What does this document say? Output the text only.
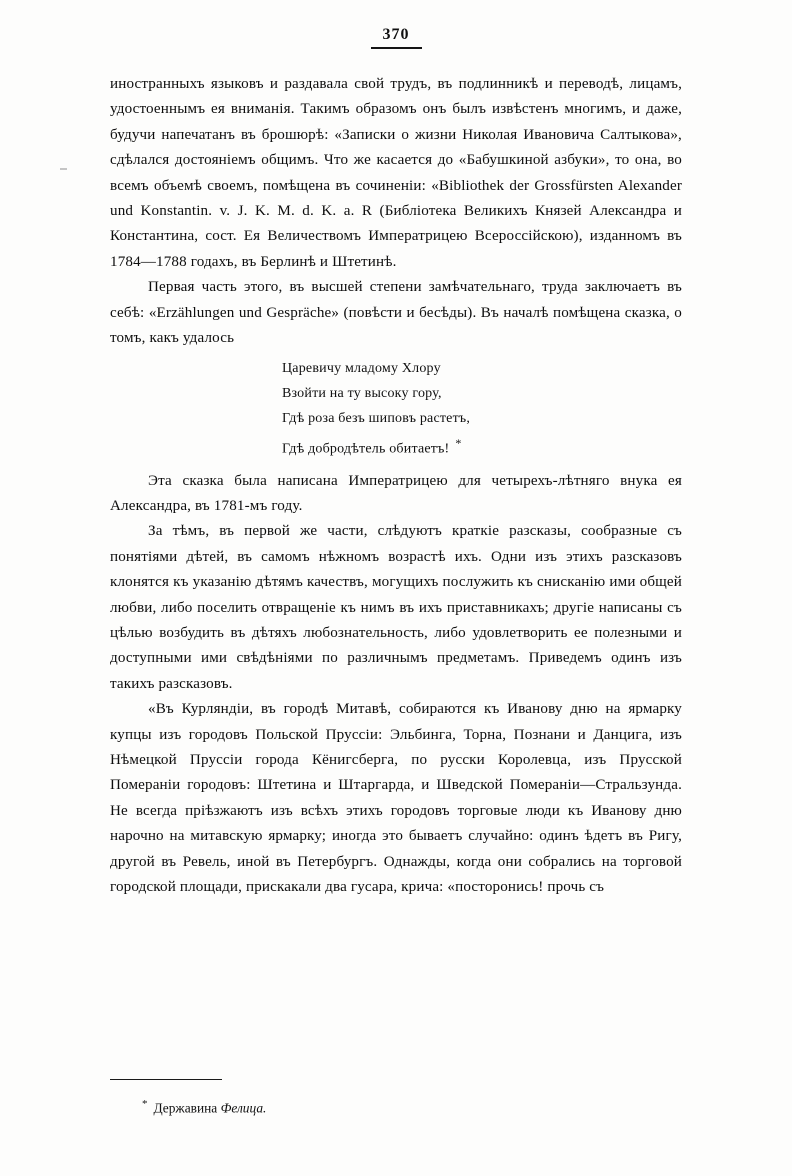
370

иностранныхъ языковъ и раздавала свой трудъ, въ подлинникѣ и переводѣ, лицамъ, удостоеннымъ ея вниманія. Такимъ образомъ онъ былъ извѣстенъ многимъ, и даже, будучи напечатанъ въ брошюрѣ: «Записки о жизни Николая Ивановича Салтыкова», сдѣлался достояніемъ общимъ. Что же касается до «Бабушкиной азбуки», то она, во всемъ объемѣ своемъ, помѣщена въ сочиненіи: «Bibliothek der Grossfürsten Alexander und Konstantin. v. J. K. M. d. K. a. R (Библіотека Великихъ Князей Александра и Константина, сост. Ея Величествомъ Императрицею Всероссійскою), изданномъ въ 1784—1788 годахъ, въ Берлинѣ и Штетинѣ.

Первая часть этого, въ высшей степени замѣчательнаго, труда заключаетъ въ себѣ: «Erzählungen und Gespräche» (повѣсти и бесѣды). Въ началѣ помѣщена сказка, о томъ, какъ удалось

Царевичу младому Хлору
Взойти на ту высоку гору,
Гдѣ роза безъ шиповъ растетъ,
Гдѣ добродѣтель обитаетъ! *

Эта сказка была написана Императрицею для четырехъ-лѣтняго внука ея Александра, въ 1781-мъ году.

За тѣмъ, въ первой же части, слѣдуютъ краткіе разсказы, сообразные съ понятіями дѣтей, въ самомъ нѣжномъ возрастѣ ихъ. Одни изъ этихъ разсказовъ клонятся къ указанію дѣтямъ качествъ, могущихъ послужить къ снисканію ими общей любви, либо поселить отвращеніе къ нимъ въ ихъ приставникахъ; другіе написаны съ цѣлью возбудить въ дѣтяхъ любознательность, либо удовлетворить ее полезными и доступными ими свѣдѣніями по различнымъ предметамъ. Приведемъ одинъ изъ такихъ разсказовъ.

«Въ Курляндіи, въ городѣ Митавѣ, собираются къ Иванову дню на ярмарку купцы изъ городовъ Польской Пруссіи: Эльбинга, Торна, Познани и Данцига, изъ Нѣмецкой Пруссіи города Кёнигсберга, по русски Королевца, изъ Прусской Помераніи городовъ: Штетина и Штаргарда, и Шведской Помераніи—Стральзунда. Не всегда пріѣзжаютъ изъ всѣхъ этихъ городовъ торговые люди къ Иванову дню нарочно на митавскую ярмарку; иногда это бываетъ случайно: одинъ ѣдетъ въ Ригу, другой въ Ревель, иной въ Петербургъ. Однажды, когда они собрались на торговой городской площади, прискакали два гусара, крича: «посторонись! прочь съ

* Державина Фелица.
